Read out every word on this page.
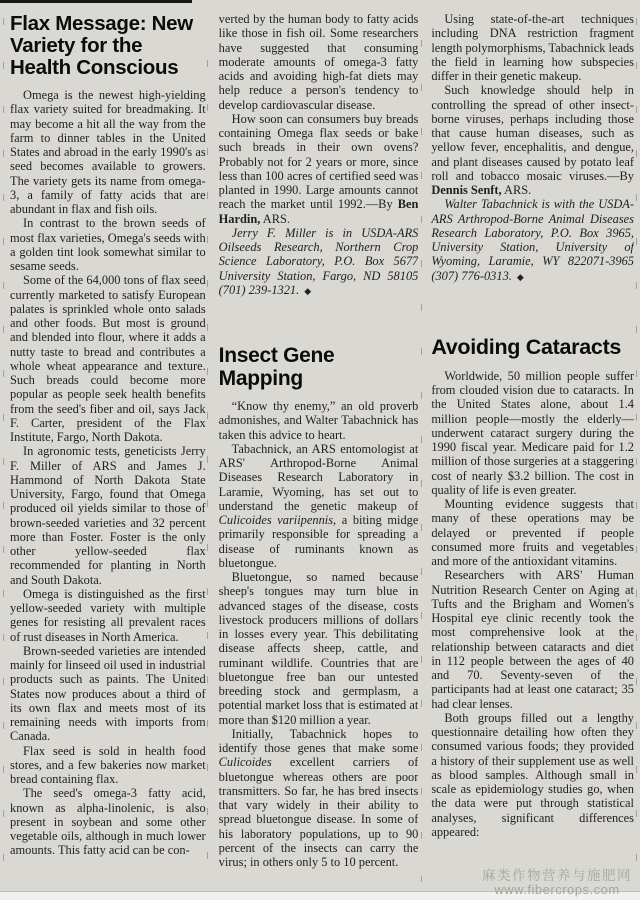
Flax Message: New Variety for the Health Conscious

Omega is the newest high-yielding flax variety suited for breadmaking. It may become a hit all the way from the farm to dinner tables in the United States and abroad in the early 1990's as seed becomes available to growers. The variety gets its name from omega-3, a family of fatty acids that are abundant in flax and fish oils.

In contrast to the brown seeds of most flax varieties, Omega's seeds with a golden tint look somewhat similar to sesame seeds.

Some of the 64,000 tons of flax seed currently marketed to satisfy European palates is sprinkled whole onto salads and other foods. But most is ground and blended into flour, where it adds a nutty taste to bread and contributes a whole wheat appearance and texture. Such breads could become more popular as people seek health benefits from the seed's fiber and oil, says Jack F. Carter, president of the Flax Institute, Fargo, North Dakota.

In agronomic tests, geneticists Jerry F. Miller of ARS and James J. Hammond of North Dakota State University, Fargo, found that Omega produced oil yields similar to those of brown-seeded varieties and 32 percent more than Foster. Foster is the only other yellow-seeded flax recommended for planting in North and South Dakota.

Omega is distinguished as the first yellow-seeded variety with multiple genes for resisting all prevalent races of rust diseases in North America.

Brown-seeded varieties are intended mainly for linseed oil used in industrial products such as paints. The United States now produces about a third of its own flax and meets most of its remaining needs with imports from Canada.

Flax seed is sold in health food stores, and a few bakeries now market bread containing flax.

The seed's omega-3 fatty acid, known as alpha-linolenic, is also present in soybean and some other vegetable oils, although in much lower amounts. This fatty acid can be con-

verted by the human body to fatty acids like those in fish oil. Some researchers have suggested that consuming moderate amounts of omega-3 fatty acids and avoiding high-fat diets may help reduce a person's tendency to develop cardiovascular disease.

How soon can consumers buy breads containing Omega flax seeds or bake such breads in their own ovens? Probably not for 2 years or more, since less than 100 acres of certified seed was planted in 1990. Large amounts cannot reach the market until 1992.—By Ben Hardin, ARS.

Jerry F. Miller is in USDA-ARS Oilseeds Research, Northern Crop Science Laboratory, P.O. Box 5677 University Station, Fargo, ND 58105 (701) 239-1321. ◆

Insect Gene Mapping

“Know thy enemy,” an old proverb admonishes, and Walter Tabachnick has taken this advice to heart.

Tabachnick, an ARS entomologist at ARS' Arthropod-Borne Animal Diseases Research Laboratory in Laramie, Wyoming, has set out to understand the genetic makeup of Culicoides variipennis, a biting midge primarily responsible for spreading a disease of ruminants known as bluetongue.

Bluetongue, so named because sheep's tongues may turn blue in advanced stages of the disease, costs livestock producers millions of dollars in losses every year. This debilitating disease affects sheep, cattle, and ruminant wildlife. Countries that are bluetongue free ban our untested breeding stock and germplasm, a potential market loss that is estimated at more than $120 million a year.

Initially, Tabachnick hopes to identify those genes that make some Culicoides excellent carriers of bluetongue whereas others are poor transmitters. So far, he has bred insects that vary widely in their ability to spread bluetongue disease. In some of his laboratory populations, up to 90 percent of the insects can carry the virus; in others only 5 to 10 percent.

Using state-of-the-art techniques including DNA restriction fragment length polymorphisms, Tabachnick leads the field in learning how subspecies differ in their genetic makeup.

Such knowledge should help in controlling the spread of other insect-borne viruses, perhaps including those that cause human diseases, such as yellow fever, encephalitis, and dengue, and plant diseases caused by potato leaf roll and tobacco mosaic viruses.—By Dennis Senft, ARS.

Walter Tabachnick is with the USDA-ARS Arthropod-Borne Animal Diseases Research Laboratory, P.O. Box 3965, University Station, University of Wyoming, Laramie, WY 822071-3965 (307) 776-0313. ◆

Avoiding Cataracts

Worldwide, 50 million people suffer from clouded vision due to cataracts. In the United States alone, about 1.4 million people—mostly the elderly—underwent cataract surgery during the 1990 fiscal year. Medicare paid for 1.2 million of those surgeries at a staggering cost of nearly $3.2 billion. The cost in quality of life is even greater.

Mounting evidence suggests that many of these operations may be delayed or prevented if people consumed more fruits and vegetables and more of the antioxidant vitamins.

Researchers with ARS' Human Nutrition Research Center on Aging at Tufts and the Brigham and Women's Hospital eye clinic recently took the most comprehensive look at the relationship between cataracts and diet in 112 people between the ages of 40 and 70. Seventy-seven of the participants had at least one cataract; 35 had clear lenses.

Both groups filled out a lengthy questionnaire detailing how often they consumed various foods; they provided a history of their supplement use as well as blood samples. Although small in scale as epidemiology studies go, when the data were put through statistical analyses, significant differences appeared:

麻类作物营养与施肥网
www.fibercrops.com
